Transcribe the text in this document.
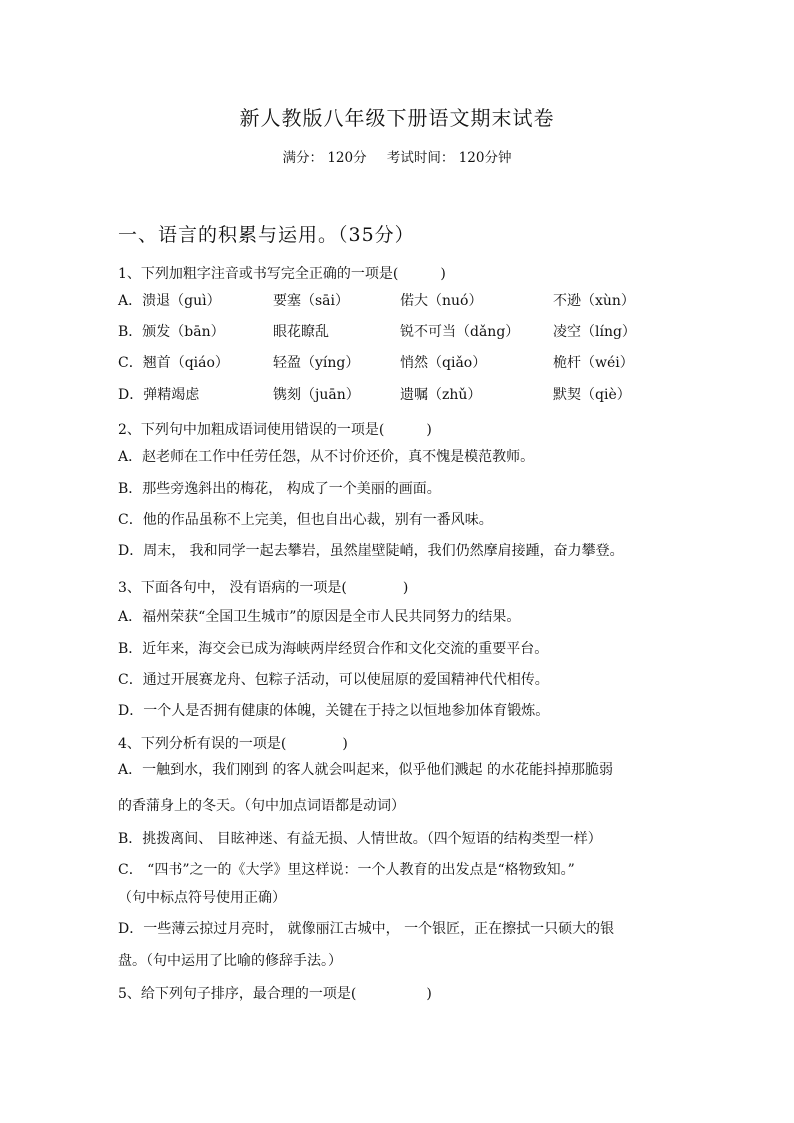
新人教版八年级下册语文期末试卷
满分： 120分 考试时间： 120分钟
一、语言的积累与运用。（35分）
1、下列加粗字注音或书写完全正确的一项是(　　　)
A．溃退（guì）	要塞（sāi）	偌大（nuó）	不逊（xùn）
B．颁发（bān）	眼花瞭乱	锐不可当（dǎng） 凌空（líng）
C．翘首（qiáo）	轻盈（yíng）	悄然（qiǎo）	桅杆（wéi）
D．弹精竭虑	镌刻（juān）	遗嘱（zhǔ）	默契（qiè）
2、下列句中加粗成语词使用错误的一项是(　　　)
A．赵老师在工作中任劳任怨，从不讨价还价，真不愧是模范教师。
B．那些旁逸斜出的梅花， 构成了一个美丽的画面。
C．他的作品虽称不上完美，但也自出心裁，别有一番风味。
D．周末， 我和同学一起去攀岩，虽然崖壁陡峭，我们仍然摩肩接踵，奋力攀登。
3、下面各句中， 没有语病的一项是(　　　　)
A．福州荣获“全国卫生城市”的原因是全市人民共同努力的结果。
B．近年来，海交会已成为海峡两岸经贸合作和文化交流的重要平台。
C．通过开展赛龙舟、包粽子活动，可以使屈原的爱国精神代代相传。
D．一个人是否拥有健康的体魄，关键在于持之以恒地参加体育锻炼。
4、下列分析有误的一项是(　　　　)
A．一触到水，我们刚到 的客人就会叫起来，似乎他们溅起 的水花能抖掉那脆弱
的香蒲身上的冬天。（句中加点词语都是动词）
B．挑拨离间、 目眩神迷、有益无损、人情世故。（四个短语的结构类型一样）
C． “四书”之一的《大学》里这样说：一个人教育的出发点是“格物致知。”
（句中标点符号使用正确）
D．一些薄云掠过月亮时， 就像丽江古城中， 一个银匠，正在擦拭一只硕大的银
盘。（句中运用了比喻的修辞手法。）
5、给下列句子排序，最合理的一项是(　　　　　)
